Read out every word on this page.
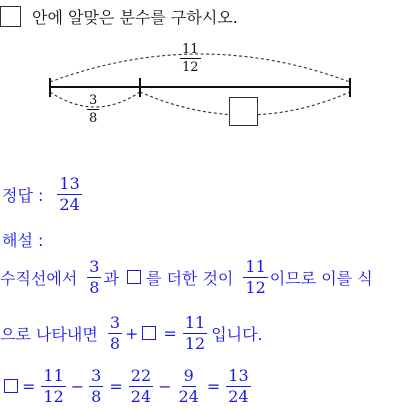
안에 알맞은 분수를 구하시오.
$\frac{11}{12}$
$\frac{3}{8}$
정답 : $\frac{13}{24}$
해설 :
수직선에서 $\frac{3}{8}$ 과 를 더한 것이 $\frac{11}{12}$ 이므로 이를 식
으로 나타내면 $\frac{3}{8}$ + = $\frac{11}{12}$ 입니다.
= $\frac{11}{12} - \frac{3}{8} = \frac{22}{24} - \frac{9}{24} = \frac{13}{24}$
